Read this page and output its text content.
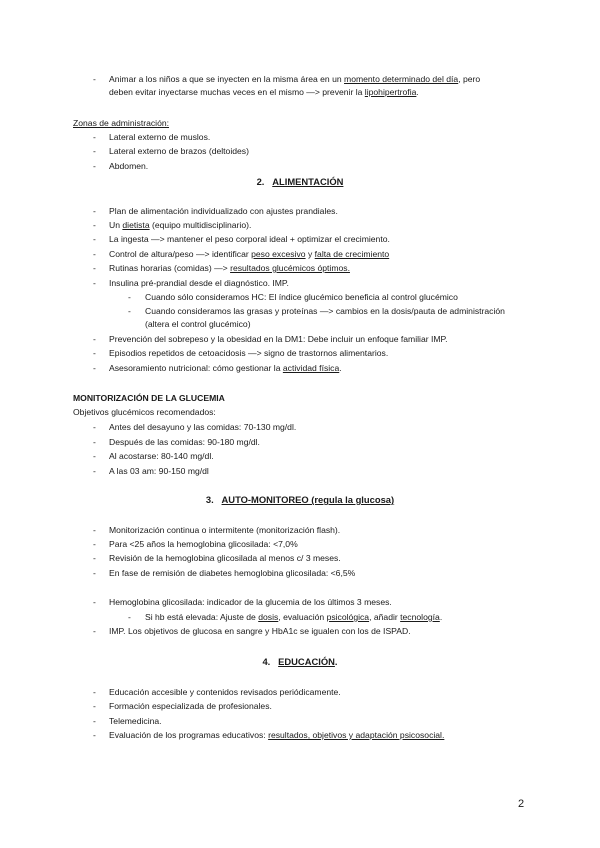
- Animar a los niños a que se inyecten en la misma área en un momento determinado del día, pero
deben evitar inyectarse muchas veces en el mismo —> prevenir la lipohipertrofia.
Zonas de administración:
- Lateral externo de muslos.
- Lateral externo de brazos (deltoides)
- Abdomen.
2. ALIMENTACIÓN
- Plan de alimentación individualizado con ajustes prandiales.
- Un dietista (equipo multidisciplinario).
- La ingesta —> mantener el peso corporal ideal + optimizar el crecimiento.
- Control de altura/peso —> identificar peso excesivo y falta de crecimiento
- Rutinas horarias (comidas) —> resultados glucémicos óptimos.
- Insulina pré-prandial desde el diagnóstico. IMP.
- Cuando sólo consideramos HC: El índice glucémico beneficia al control glucémico
- Cuando consideramos las grasas y proteínas —> cambios en la dosis/pauta de administración
(altera el control glucémico)
- Prevención del sobrepeso y la obesidad en la DM1: Debe incluir un enfoque familiar IMP.
- Episodios repetidos de cetoacidosis —> signo de trastornos alimentarios.
- Asesoramiento nutricional: cómo gestionar la actividad física.
MONITORIZACIÓN DE LA GLUCEMIA
Objetivos glucémicos recomendados:
- Antes del desayuno y las comidas: 70-130 mg/dl.
- Después de las comidas: 90-180 mg/dl.
- Al acostarse: 80-140 mg/dl.
- A las 03 am: 90-150 mg/dl
3. AUTO-MONITOREO (regula la glucosa)
- Monitorización continua o intermitente (monitorización flash).
- Para <25 años la hemoglobina glicosilada: <7,0%
- Revisión de la hemoglobina glicosilada al menos c/ 3 meses.
- En fase de remisión de diabetes hemoglobina glicosilada: <6,5%
- Hemoglobina glicosilada: indicador de la glucemia de los últimos 3 meses.
- Si hb está elevada: Ajuste de dosis, evaluación psicológica, añadir tecnología.
- IMP. Los objetivos de glucosa en sangre y HbA1c se igualen con los de ISPAD.
4. EDUCACIÓN.
- Educación accesible y contenidos revisados periódicamente.
- Formación especializada de profesionales.
- Telemedicina.
- Evaluación de los programas educativos: resultados, objetivos y adaptación psicosocial.
2
